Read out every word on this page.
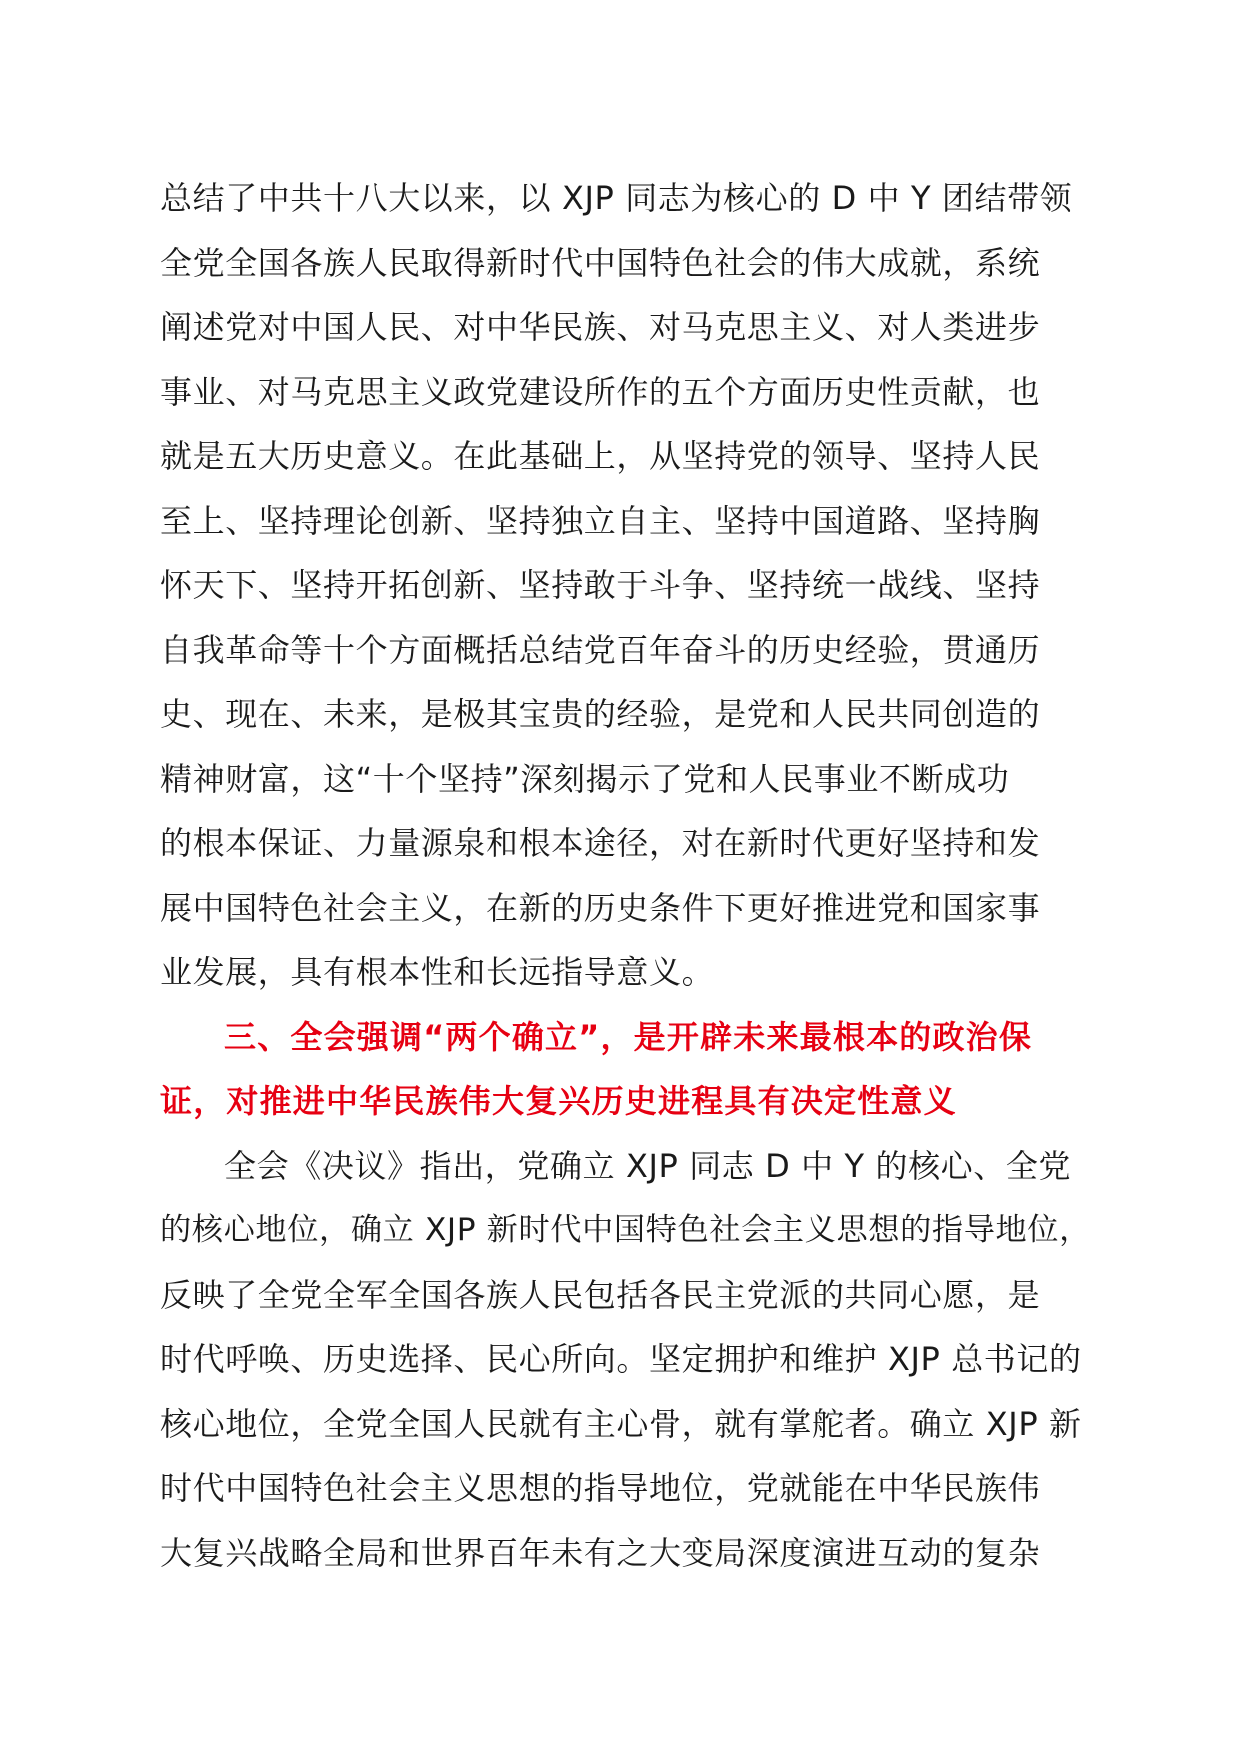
总结了中共十八大以来，以 XJP 同志为核心的 D 中 Y 团结带领
全党全国各族人民取得新时代中国特色社会的伟大成就，系统
阐述党对中国人民、对中华民族、对马克思主义、对人类进步
事业、对马克思主义政党建设所作的五个方面历史性贡献，也
就是五大历史意义。在此基础上，从坚持党的领导、坚持人民
至上、坚持理论创新、坚持独立自主、坚持中国道路、坚持胸
怀天下、坚持开拓创新、坚持敢于斗争、坚持统一战线、坚持
自我革命等十个方面概括总结党百年奋斗的历史经验，贯通历
史、现在、未来，是极其宝贵的经验，是党和人民共同创造的
精神财富，这“十个坚持”深刻揭示了党和人民事业不断成功
的根本保证、力量源泉和根本途径，对在新时代更好坚持和发
展中国特色社会主义，在新的历史条件下更好推进党和国家事
业发展，具有根本性和长远指导意义。
三、全会强调“两个确立”，是开辟未来最根本的政治保
证，对推进中华民族伟大复兴历史进程具有决定性意义
全会《决议》指出，党确立 XJP 同志 D 中 Y 的核心、全党
的核心地位，确立 XJP 新时代中国特色社会主义思想的指导地位，
反映了全党全军全国各族人民包括各民主党派的共同心愿，是
时代呼唤、历史选择、民心所向。坚定拥护和维护 XJP 总书记的
核心地位，全党全国人民就有主心骨，就有掌舵者。确立 XJP 新
时代中国特色社会主义思想的指导地位，党就能在中华民族伟
大复兴战略全局和世界百年未有之大变局深度演进互动的复杂
